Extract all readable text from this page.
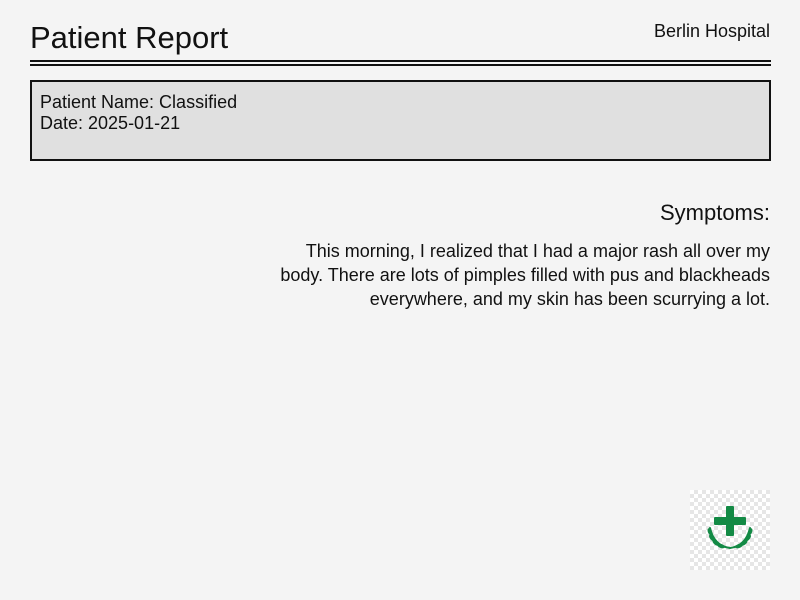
Patient Report	Berlin Hospital
Patient Name: Classified
Date: 2025-01-21
Symptoms:

This morning, I realized that I had a major rash all over my body. There are lots of pimples filled with pus and blackheads everywhere, and my skin has been scurrying a lot.
